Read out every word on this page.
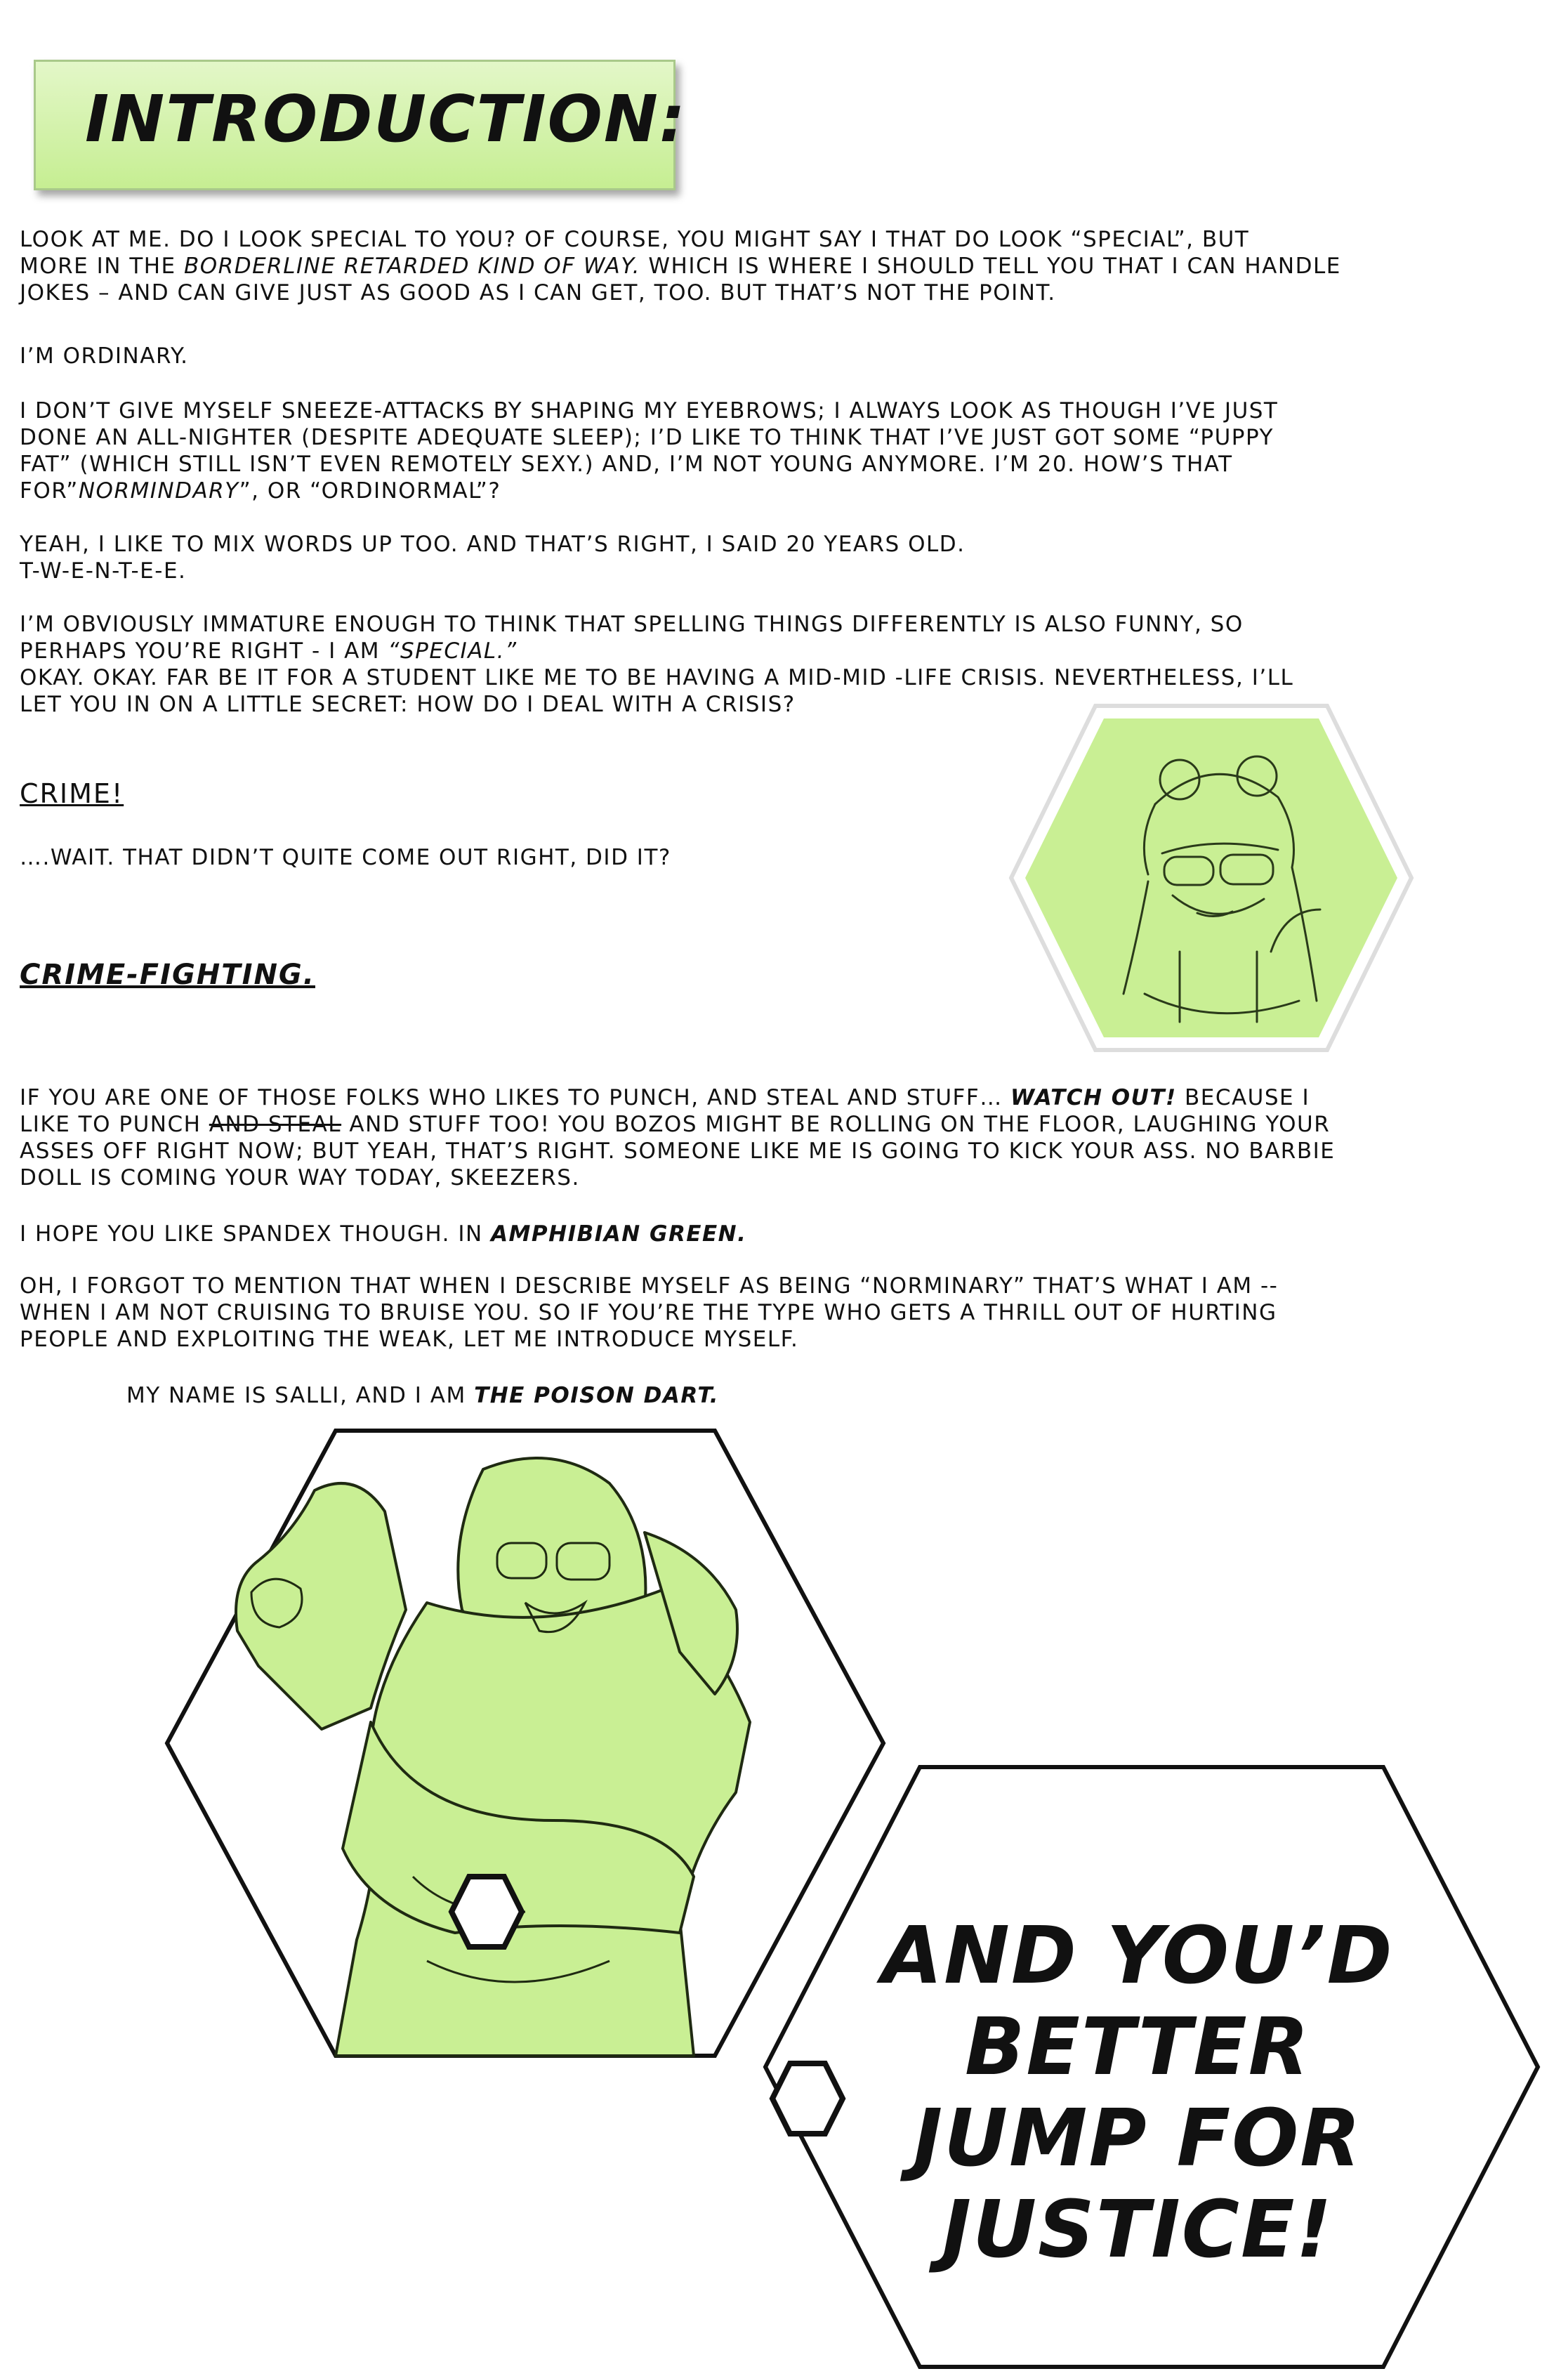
INTRODUCTION:

LOOK AT ME. DO I LOOK SPECIAL TO YOU? OF COURSE, YOU MIGHT SAY I THAT DO LOOK “SPECIAL”, BUT
MORE IN THE BORDERLINE RETARDED KIND OF WAY. WHICH IS WHERE I SHOULD TELL YOU THAT I CAN HANDLE
JOKES – AND CAN GIVE JUST AS GOOD AS I CAN GET, TOO. BUT THAT’S NOT THE POINT.

I’M ORDINARY.

I DON’T GIVE MYSELF SNEEZE-ATTACKS BY SHAPING MY EYEBROWS; I ALWAYS LOOK AS THOUGH I’VE JUST
DONE AN ALL-NIGHTER (DESPITE ADEQUATE SLEEP); I’D LIKE TO THINK THAT I’VE JUST GOT SOME “PUPPY
FAT” (WHICH STILL ISN’T EVEN REMOTELY SEXY.) AND, I’M NOT YOUNG ANYMORE. I’M 20. HOW’S THAT
FOR”NORMINDARY”, OR “ORDINORMAL”?

YEAH, I LIKE TO MIX WORDS UP TOO. AND THAT’S RIGHT, I SAID 20 YEARS OLD.
T-W-E-N-T-E-E.

I’M OBVIOUSLY IMMATURE ENOUGH TO THINK THAT SPELLING THINGS DIFFERENTLY IS ALSO FUNNY, SO
PERHAPS YOU’RE RIGHT - I AM “SPECIAL.”
OKAY. OKAY. FAR BE IT FOR A STUDENT LIKE ME TO BE HAVING A MID-MID -LIFE CRISIS. NEVERTHELESS, I’LL
LET YOU IN ON A LITTLE SECRET: HOW DO I DEAL WITH A CRISIS?

CRIME!

….WAIT. THAT DIDN’T QUITE COME OUT RIGHT, DID IT?

CRIME-FIGHTING.

IF YOU ARE ONE OF THOSE FOLKS WHO LIKES TO PUNCH, AND STEAL AND STUFF… WATCH OUT! BECAUSE I
LIKE TO PUNCH AND STEAL AND STUFF TOO! YOU BOZOS MIGHT BE ROLLING ON THE FLOOR, LAUGHING YOUR
ASSES OFF RIGHT NOW; BUT YEAH, THAT’S RIGHT. SOMEONE LIKE ME IS GOING TO KICK YOUR ASS. NO BARBIE
DOLL IS COMING YOUR WAY TODAY, SKEEZERS.

I HOPE YOU LIKE SPANDEX THOUGH. IN AMPHIBIAN GREEN.

OH, I FORGOT TO MENTION THAT WHEN I DESCRIBE MYSELF AS BEING “NORMINARY” THAT’S WHAT I AM --
WHEN I AM NOT CRUISING TO BRUISE YOU. SO IF YOU’RE THE TYPE WHO GETS A THRILL OUT OF HURTING
PEOPLE AND EXPLOITING THE WEAK, LET ME INTRODUCE MYSELF.

MY NAME IS SALLI, AND I AM THE POISON DART.

AND YOU’D
BETTER
JUMP FOR
JUSTICE!
